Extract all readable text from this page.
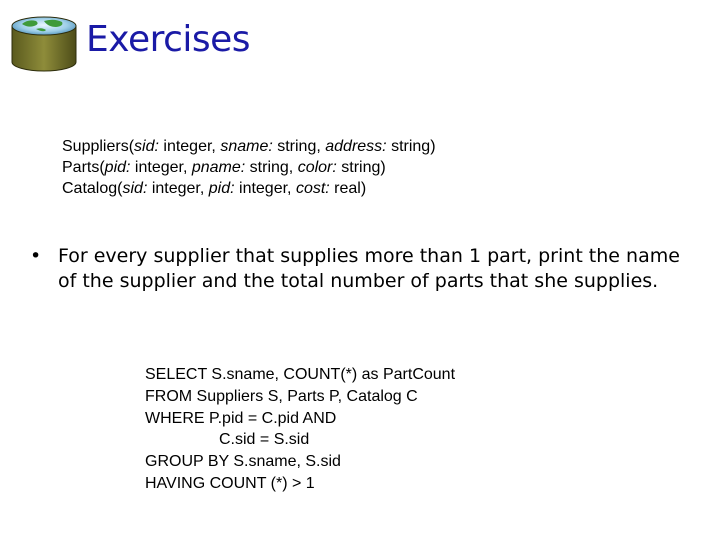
Exercises
Suppliers(sid: integer, sname: string, address: string)
Parts(pid: integer, pname: string, color: string)
Catalog(sid: integer, pid: integer, cost: real)
• For every supplier that supplies more than 1 part, print the name of the supplier and the total number of parts that she supplies.
SELECT S.sname, COUNT(*) as PartCount
FROM Suppliers S, Parts P, Catalog C
WHERE P.pid = C.pid AND
C.sid = S.sid
GROUP BY S.sname, S.sid
HAVING COUNT (*) > 1
